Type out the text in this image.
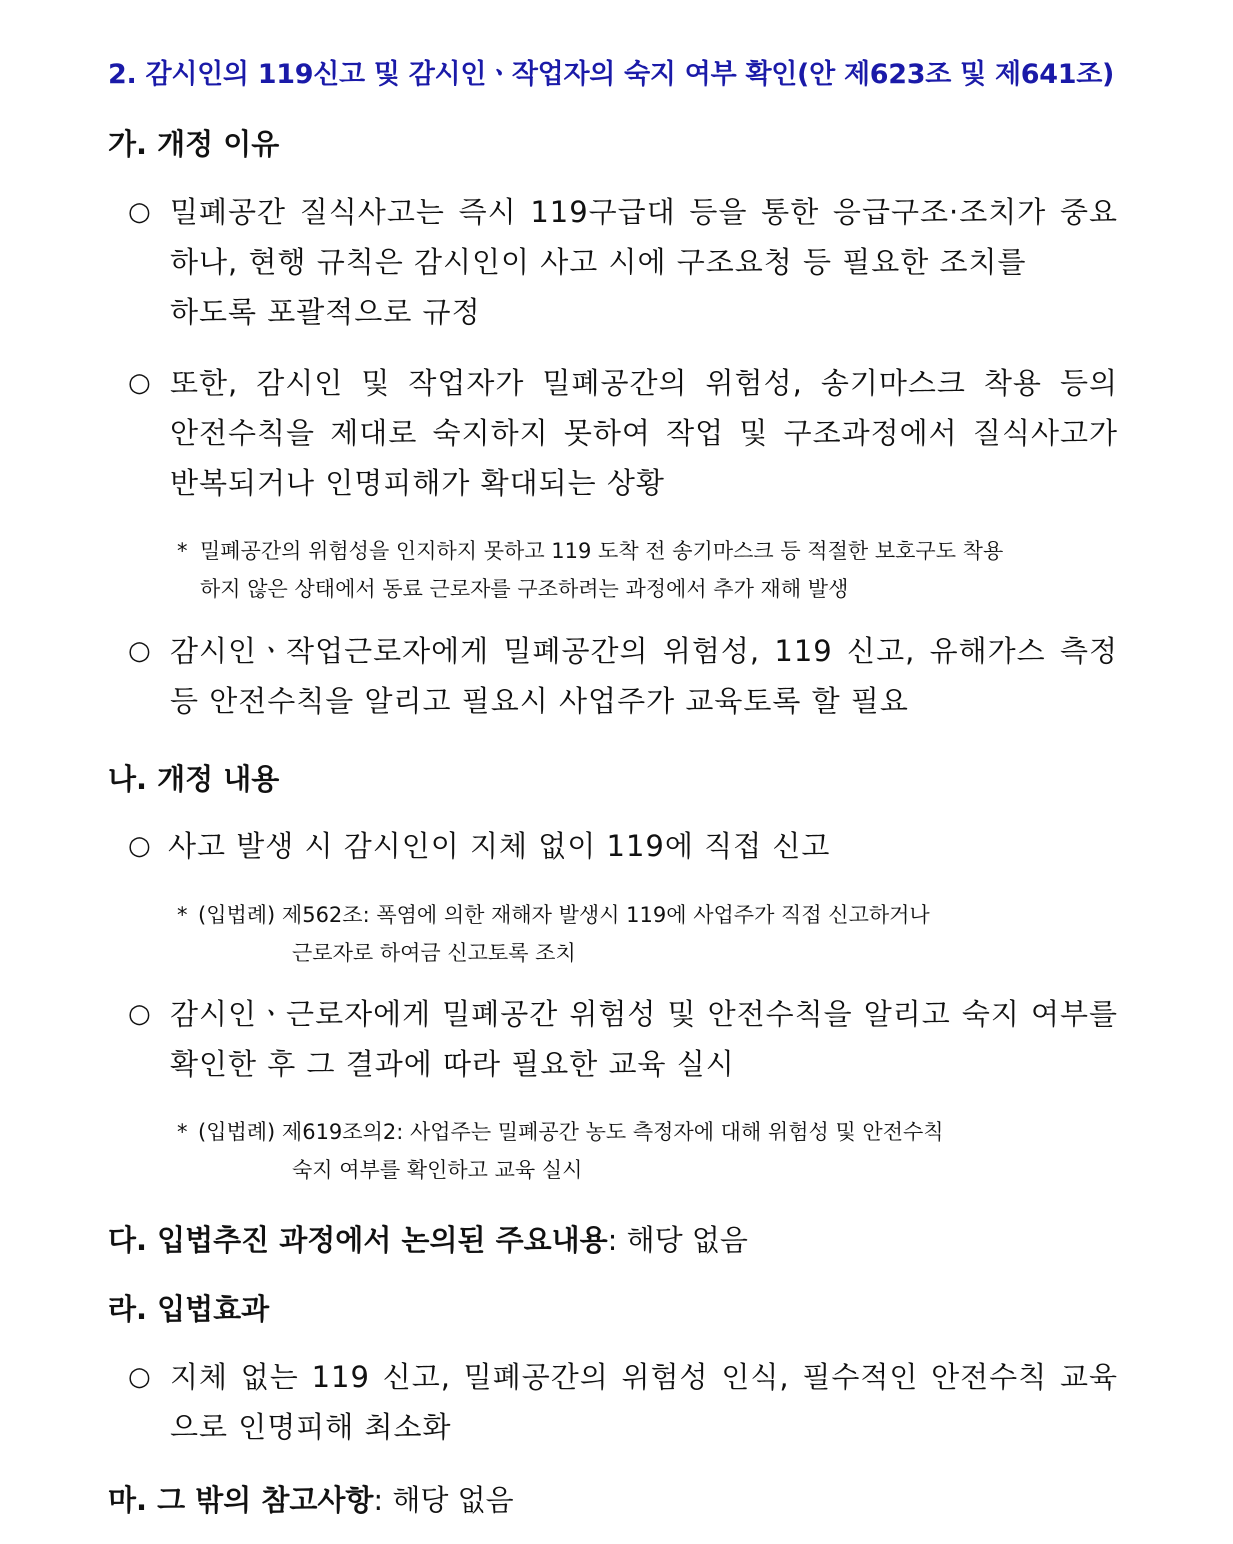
2. 감시인의 119신고 및 감시인ㆍ작업자의 숙지 여부 확인(안 제623조 및 제641조)
가. 개정 이유
○ 밀폐공간 질식사고는 즉시 119구급대 등을 통한 응급구조·조치가 중요
하나, 현행 규칙은 감시인이 사고 시에 구조요청 등 필요한 조치를
하도록 포괄적으로 규정
○ 또한, 감시인 및 작업자가 밀폐공간의 위험성, 송기마스크 착용 등의
안전수칙을 제대로 숙지하지 못하여 작업 및 구조과정에서 질식사고가
반복되거나 인명피해가 확대되는 상황
* 밀폐공간의 위험성을 인지하지 못하고 119 도착 전 송기마스크 등 적절한 보호구도 착용
하지 않은 상태에서 동료 근로자를 구조하려는 과정에서 추가 재해 발생
○ 감시인ㆍ작업근로자에게 밀폐공간의 위험성, 119 신고, 유해가스 측정
등 안전수칙을 알리고 필요시 사업주가 교육토록 할 필요
나. 개정 내용
○ 사고 발생 시 감시인이 지체 없이 119에 직접 신고
* (입법례) 제562조: 폭염에 의한 재해자 발생시 119에 사업주가 직접 신고하거나
근로자로 하여금 신고토록 조치
○ 감시인ㆍ근로자에게 밀폐공간 위험성 및 안전수칙을 알리고 숙지 여부를
확인한 후 그 결과에 따라 필요한 교육 실시
* (입법례) 제619조의2: 사업주는 밀폐공간 농도 측정자에 대해 위험성 및 안전수칙
숙지 여부를 확인하고 교육 실시
다. 입법추진 과정에서 논의된 주요내용: 해당 없음
라. 입법효과
○ 지체 없는 119 신고, 밀폐공간의 위험성 인식, 필수적인 안전수칙 교육
으로 인명피해 최소화
마. 그 밖의 참고사항: 해당 없음
